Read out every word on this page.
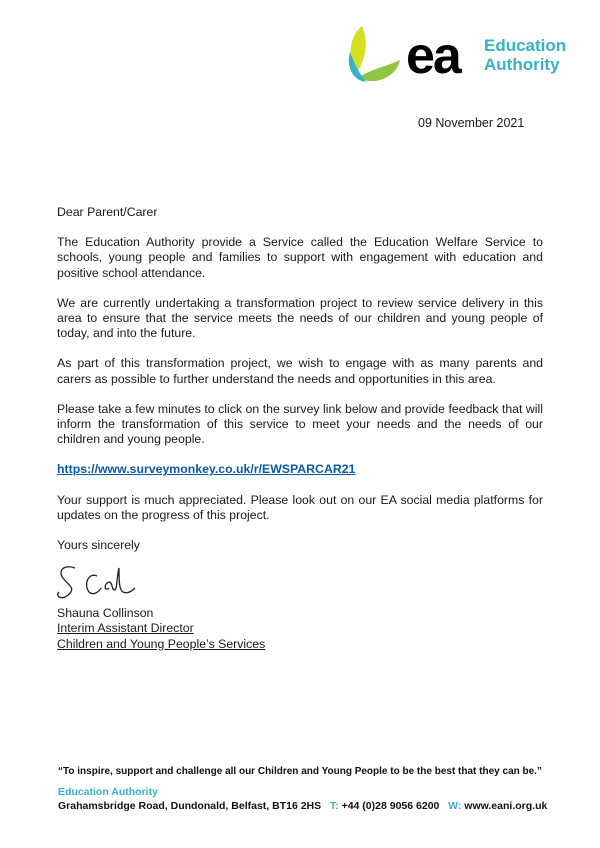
ea Education
Authority
09 November 2021

Dear Parent/Carer

The Education Authority provide a Service called the Education Welfare Service to schools, young people and families to support with engagement with education and positive school attendance.

We are currently undertaking a transformation project to review service delivery in this area to ensure that the service meets the needs of our children and young people of today, and into the future.

As part of this transformation project, we wish to engage with as many parents and carers as possible to further understand the needs and opportunities in this area.

Please take a few minutes to click on the survey link below and provide feedback that will inform the transformation of this service to meet your needs and the needs of our children and young people.

https://www.surveymonkey.co.uk/r/EWSPARCAR21

Your support is much appreciated. Please look out on our EA social media platforms for updates on the progress of this project.

Yours sincerely

Shauna Collinson
Interim Assistant Director
Children and Young People’s Services
“To inspire, support and challenge all our Children and Young People to be the best that they can be.”
Education Authority
Grahamsbridge Road, Dundonald, Belfast, BT16 2HS T: +44 (0)28 9056 6200 W: www.eani.org.uk
